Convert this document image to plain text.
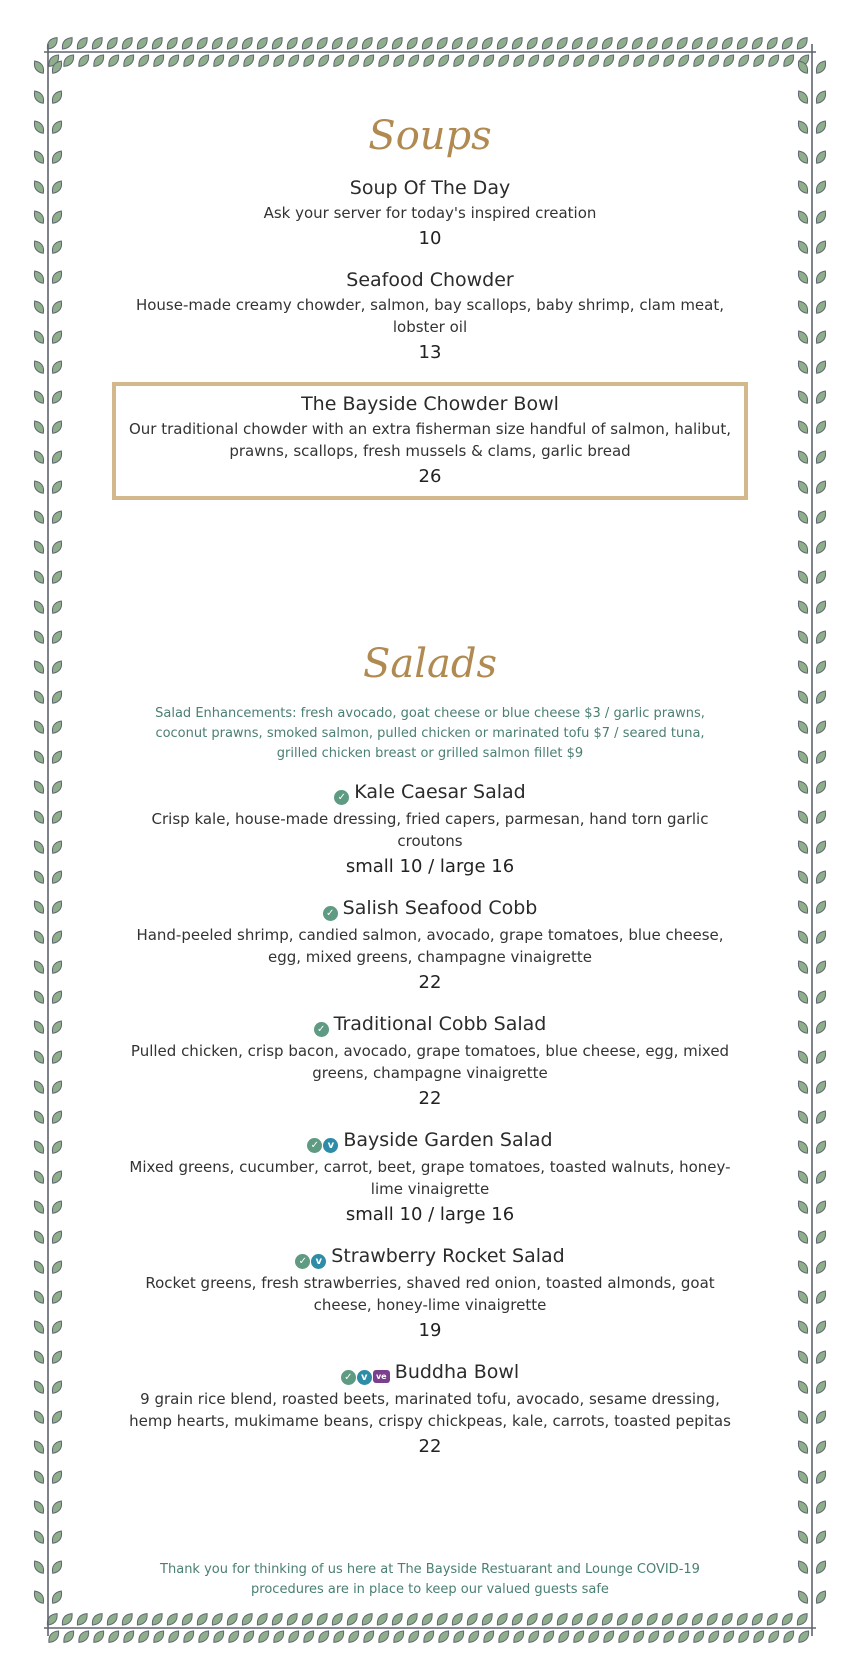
Soups
Soup Of The Day
Ask your server for today's inspired creation
10
Seafood Chowder
House-made creamy chowder, salmon, bay scallops, baby shrimp, clam meat, lobster oil
13
The Bayside Chowder Bowl
Our traditional chowder with an extra fisherman size handful of salmon, halibut, prawns, scallops, fresh mussels & clams, garlic bread
26
Salads
Salad Enhancements: fresh avocado, goat cheese or blue cheese $3 / garlic prawns, coconut prawns, smoked salmon, pulled chicken or marinated tofu $7 / seared tuna, grilled chicken breast or grilled salmon fillet $9
✓ Kale Caesar Salad
Crisp kale, house-made dressing, fried capers, parmesan, hand torn garlic croutons
small 10 / large 16
✓ Salish Seafood Cobb
Hand-peeled shrimp, candied salmon, avocado, grape tomatoes, blue cheese, egg, mixed greens, champagne vinaigrette
22
✓ Traditional Cobb Salad
Pulled chicken, crisp bacon, avocado, grape tomatoes, blue cheese, egg, mixed greens, champagne vinaigrette
22
✓ v Bayside Garden Salad
Mixed greens, cucumber, carrot, beet, grape tomatoes, toasted walnuts, honey-lime vinaigrette
small 10 / large 16
✓ v Strawberry Rocket Salad
Rocket greens, fresh strawberries, shaved red onion, toasted almonds, goat cheese, honey-lime vinaigrette
19
✓ v ve Buddha Bowl
9 grain rice blend, roasted beets, marinated tofu, avocado, sesame dressing, hemp hearts, mukimame beans, crispy chickpeas, kale, carrots, toasted pepitas
22
Thank you for thinking of us here at The Bayside Restuarant and Lounge COVID-19 procedures are in place to keep our valued guests safe
